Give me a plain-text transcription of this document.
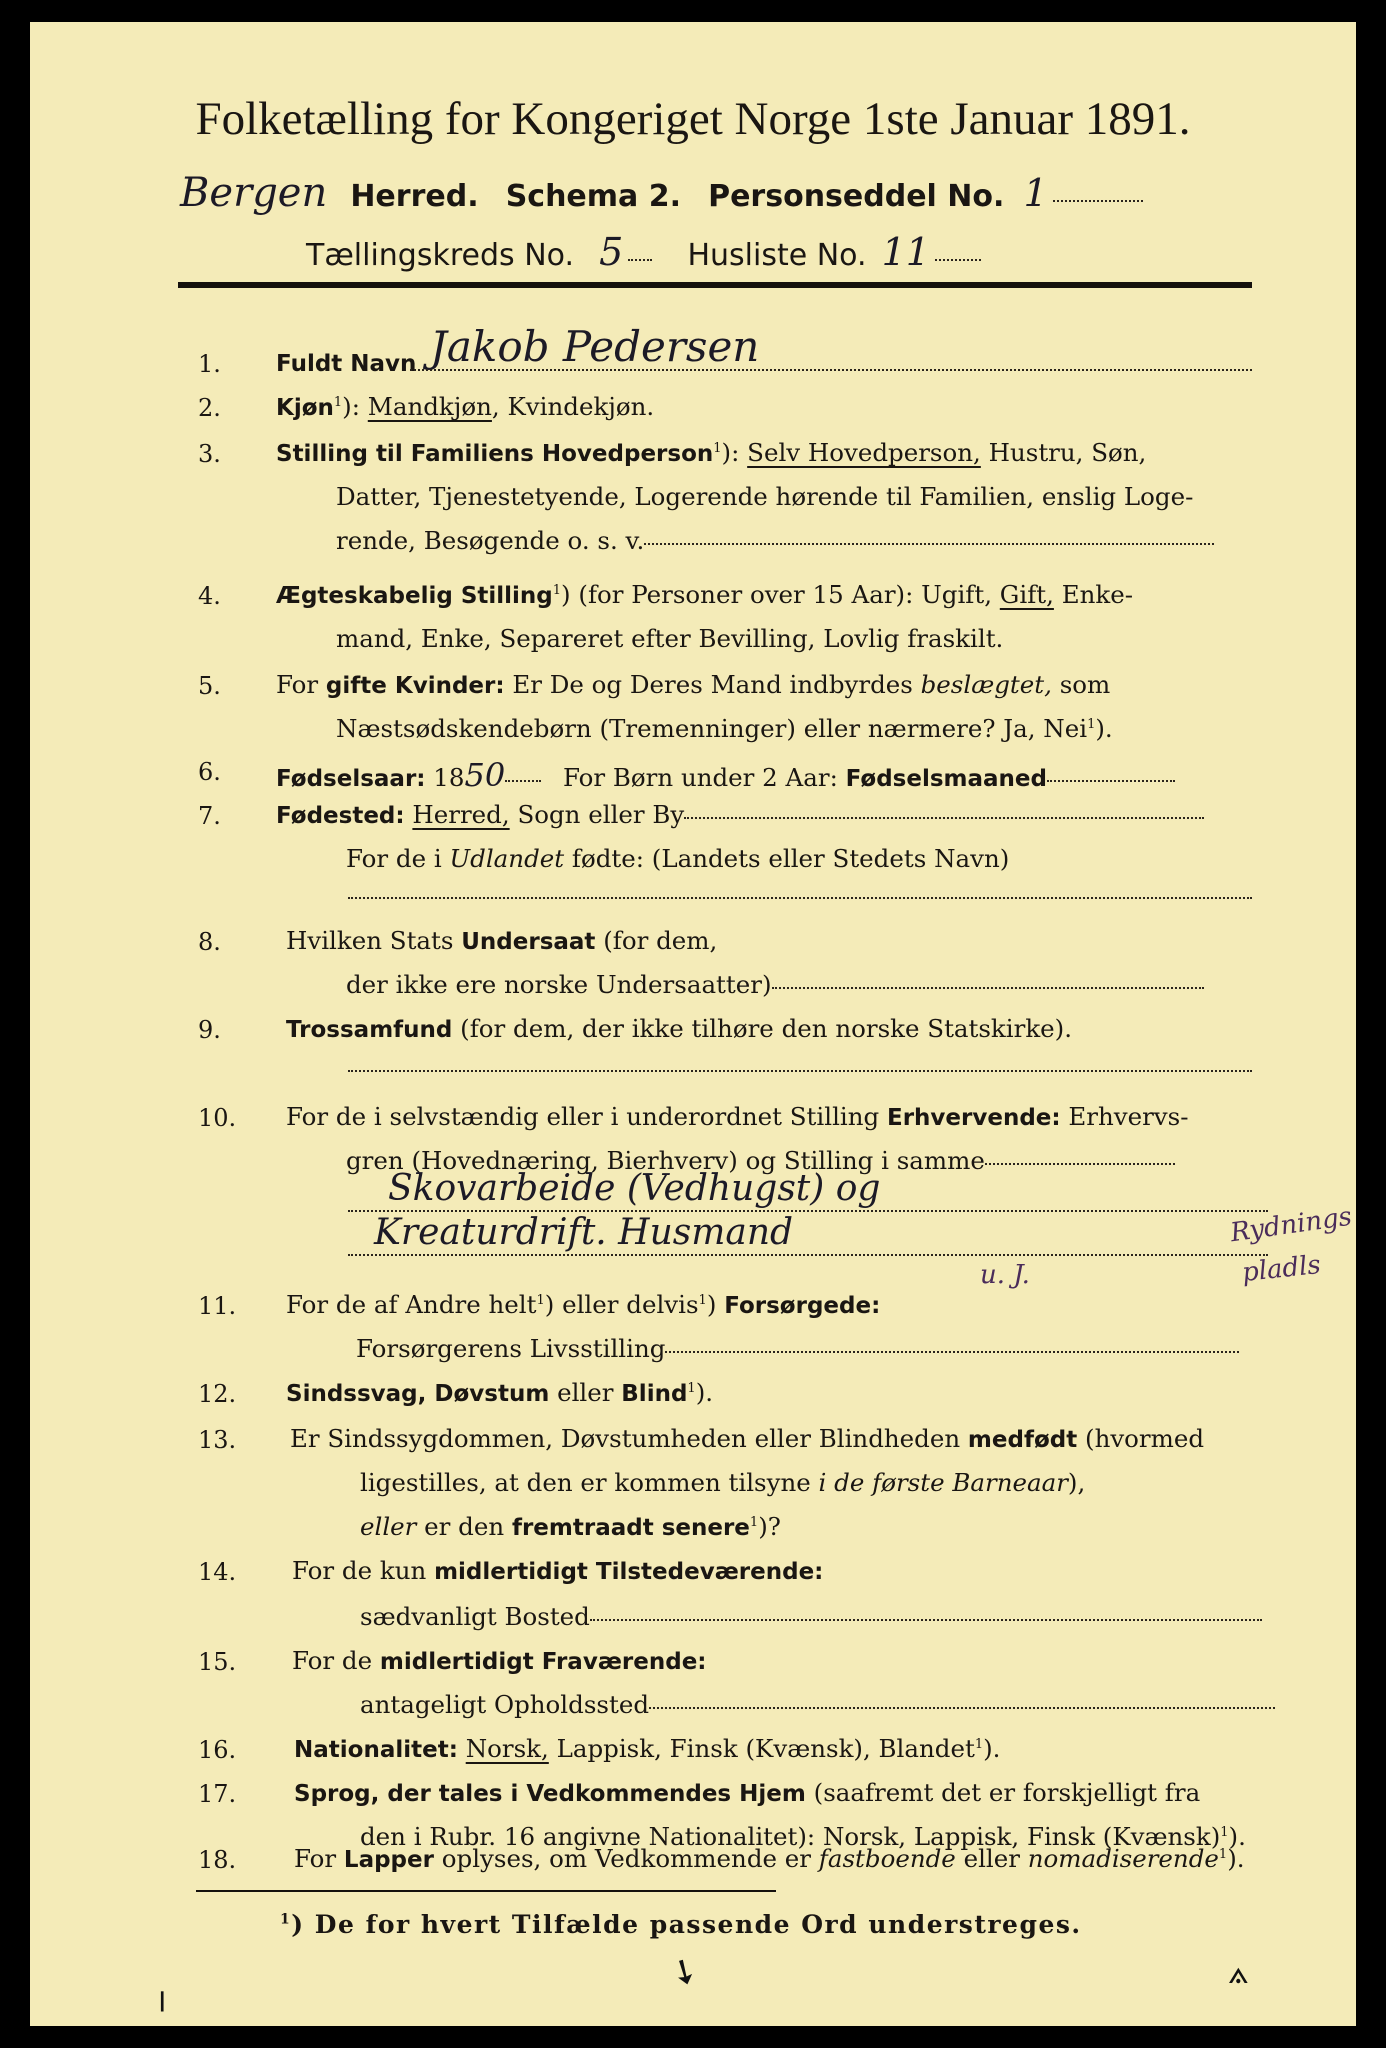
Folketælling for Kongeriget Norge 1ste Januar 1891.
Bergen Herred. Schema 2. Personseddel No. 1
Tællingskreds No. 5 Husliste No. 11
1.	Fuldt Navn Jakob Pedersen
2.	Kjøn$^1$): Mandkjøn, Kvindekjøn.
3.	Stilling til Familiens Hovedperson$^1$): Selv Hovedperson, Hustru, Søn,
Datter, Tjenestetyende, Logerende hørende til Familien, enslig Loge-
rende, Besøgende o. s. v.
4.	Ægteskabelig Stilling$^1$) (for Personer over 15 Aar): Ugift, Gift, Enke-
mand, Enke, Separeret efter Bevilling, Lovlig fraskilt.
5.	For gifte Kvinder: Er De og Deres Mand indbyrdes beslægtet, som
Næstsødskendebørn (Tremenninger) eller nærmere? Ja, Nei$^1$).
6.	Fødselsaar: 1850 For Børn under 2 Aar: Fødselsmaaned
7.	Fødested: Herred, Sogn eller By
For de i Udlandet fødte: (Landets eller Stedets Navn)
8.	Hvilken Stats Undersaat (for dem,
der ikke ere norske Undersaatter)
9.	Trossamfund (for dem, der ikke tilhøre den norske Statskirke).
10.	For de i selvstændig eller i underordnet Stilling Erhvervende: Erhvervs-
gren (Hovednæring, Bierhverv) og Stilling i samme
Skovarbeide (Vedhugst) og
Kreaturdrift. Husmand
u. J.
Rydnings
pladls
11.	For de af Andre helt$^1$) eller delvis$^1$) Forsørgede:
Forsørgerens Livsstilling
12.	Sindssvag, Døvstum eller Blind$^1$).
13.	Er Sindssygdommen, Døvstumheden eller Blindheden medfødt (hvormed
ligestilles, at den er kommen tilsyne i de første Barneaar),
eller er den fremtraadt senere$^1$)?
14.	For de kun midlertidigt Tilstedeværende:
sædvanligt Bosted
15.	For de midlertidigt Fraværende:
antageligt Opholdssted
16.	Nationalitet: Norsk, Lappisk, Finsk (Kvænsk), Blandet$^1$).
17.	Sprog, der tales i Vedkommendes Hjem (saafremt det er forskjelligt fra
den i Rubr. 16 angivne Nationalitet): Norsk, Lappisk, Finsk (Kvænsk)$^1$).
18.	For Lapper oplyses, om Vedkommende er fastboende eller nomadiserende$^1$).
$^1$) De for hvert Tilfælde passende Ord understreges.
╷	➘	⟑
